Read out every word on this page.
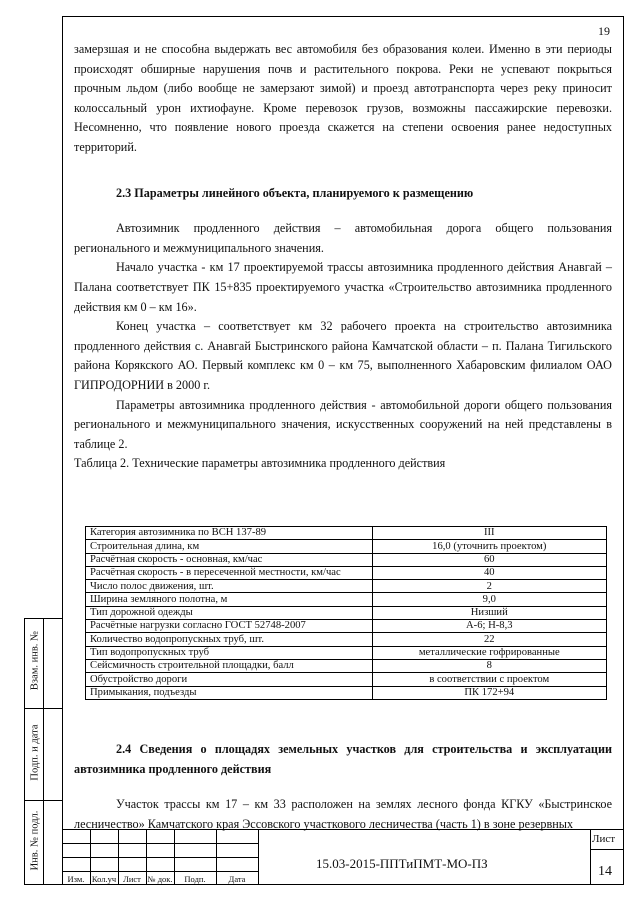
19

замерзшая и не способна выдержать вес автомобиля без образования колеи. Именно в эти периоды происходят обширные нарушения почв и растительного покрова. Реки не успевают покрыться прочным льдом (либо вообще не замерзают зимой) и проезд автотранспорта через реку приносит колоссальный урон ихтиофауне. Кроме перевозок грузов, возможны пассажирские перевозки. Несомненно, что появление нового проезда скажется на степени освоения ранее недоступных территорий.

2.3 Параметры линейного объекта, планируемого к размещению

Автозимник продленного действия – автомобильная дорога общего пользования регионального и межмуниципального значения.

Начало участка - км 17 проектируемой трассы автозимника продленного действия Анавгай – Палана соответствует ПК 15+835 проектируемого участка «Строительство автозимника продленного действия км 0 – км 16».

Конец участка – соответствует км 32 рабочего проекта на строительство автозимника продленного действия с. Анавгай Быстринского района Камчатской области – п. Палана Тигильского района Корякского АО. Первый комплекс км 0 – км 75, выполненного Хабаровским филиалом ОАО ГИПРОДОРНИИ в 2000 г.

Параметры автозимника продленного действия - автомобильной дороги общего пользования регионального и межмуниципального значения, искусственных сооружений на ней представлены в таблице 2.

Таблица 2. Технические параметры автозимника продленного действия

Категория автозимника по ВСН 137-89	III
Строительная длина, км	16,0 (уточнить проектом)
Расчётная скорость - основная, км/час	60
Расчётная скорость - в пересеченной местности, км/час	40
Число полос движения, шт.	2
Ширина земляного полотна, м	9,0
Тип дорожной одежды	Низший
Расчётные нагрузки согласно ГОСТ 52748-2007	А-6; Н-8,3
Количество водопропускных труб, шт.	22
Тип водопропускных труб	металлические гофрированные
Сейсмичность строительной площадки, балл	8
Обустройство дороги	в соответствии с проектом
Примыкания, подъезды	ПК 172+94

2.4 Сведения о площадях земельных участков для строительства и эксплуатации автозимника продленного действия

Участок трассы км 17 – км 33 расположен на землях лесного фонда КГКУ «Быстринское лесничество» Камчатского края Эссовского участкового лесничества (часть 1) в зоне резервных

Взам. инв. №
Подп. и дата
Инв. № подл.
Изм. Кол.уч Лист № док.	Подп.	Дата
15.03-2015-ППТиПМТ-МО-ПЗ
Лист
14
